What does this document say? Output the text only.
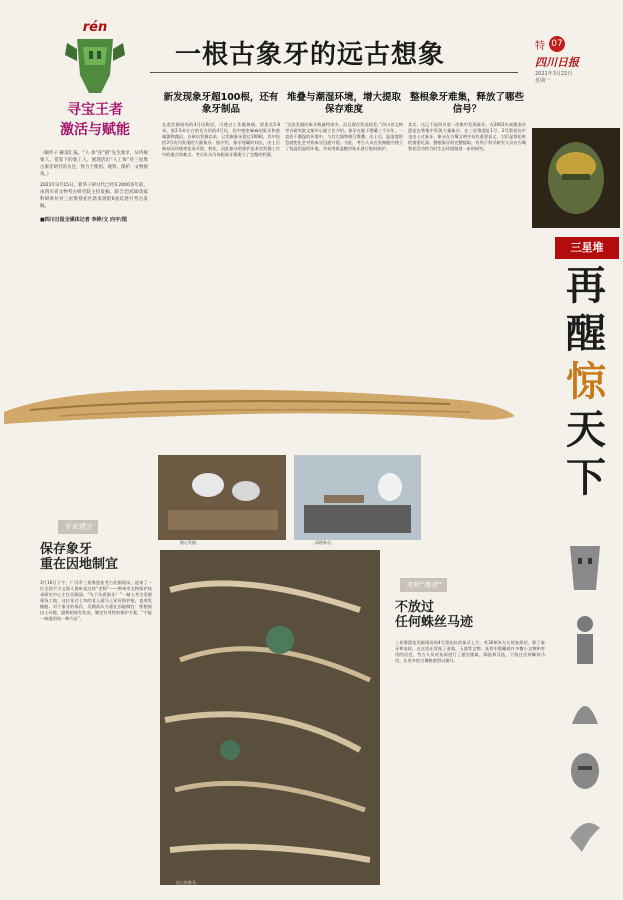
rén
寻宝王者
激活与赋能
一根古象牙的远古想象	特 07
四川日报
2021年3月22日
星期一
三星堆
再
醒
惊
天
下
（稿件子·解读汇报。“人·承”连“链”先生象牙，从传统象人、赏鉴下的象工人，展现活出“人工体”对三星堆古象牙研究的关注，致力于使用、观察、保护、文物视角。）
2021年3月15日，新华子研讨代已经在2000多年前，由四川省文物考古研究院主持发掘、联合全国30余家科研单位对三星堆祭祀区新发现的6座坑进行考古发掘。
■四川日报全媒体记者 李婷/文 向宇/图
新发现象牙超100根，还有象牙制品
在进发掘现场的3号坑附近，可透过工作舱玻璃，望见长5.8米、宽2.5米左右的长方形的4号坑，坑中密密麻麻的象牙和金属器物露出。自新坑发掘以来，已发掘象牙超过100根，其中包括3号坑内发现的大量象牙。据介绍，象牙埋藏时间长，出土后极易因环境变化而开裂、粉化，因此象牙的保护是本次发掘工作中的重点和难点。考古队员为每根象牙都建立了完整的档案。
堆叠与潮湿环境，增大提取保存难度
“这次发掘的象牙数量特别多，而且保存状况较差。”四川省文物考古研究院文保中心副主任介绍。象牙在地下埋藏三千多年，一直处于潮湿的环境中，与其它器物相互堆叠。出土后，温湿度的急剧变化会导致象牙迅速开裂。为此，考古人员在发掘舱内建立了恒温恒湿的环境，并采用保湿膜对象牙进行临时保护。
整根象牙难集，释放了哪些信号？
其实，这已不是四川第一次集中发现象牙。在2001年成都金沙遗址也曾集中发现大量象牙。在三星堆遗址1号、2号祭祀坑中也出土过象牙。象牙在古蜀文明中具有重要意义，它们是祭祀时的重要礼器。整根象牙的完整提取，有利于科学研究人员对古蜀祭祀活动和当时生态环境做进一步的研究。
细心发掘。	清理象牙。
专家建言
保存象牙
重在因地制宜
3月16日下午，广汉市三星堆遗址考古发掘现场，迎来了一位全国不少文保人都听说过的“老师”——荆州市文物保护技术研究中心主任吴顺清。“先下坑看象牙！”一踏入考古发掘现场工地，这位年过七旬的老人就马上穿好防护服，直奔发掘舱。对于象牙的保存，吴顺清认为重在因地制宜：要根据出土环境、器物的保存状况，制定针对性的保护方案，“不能一味地用同一种方法”。
出土的象牙。
灰烬“淘金”
不放过
任何蛛丝马迹
三星堆遗址发掘现场的4号祭祀坑的象牙上方，有30厘米左右的灰烬层。除了象牙和灰烬，在这里还发现了金器、玉器等文物。灰烬中隐藏着许多微小文物和有用的信息，考古人员对灰烬进行了逐层提取、筛选和浮选，不放过任何蛛丝马迹，让更多的古蜀秘密得以揭开。
